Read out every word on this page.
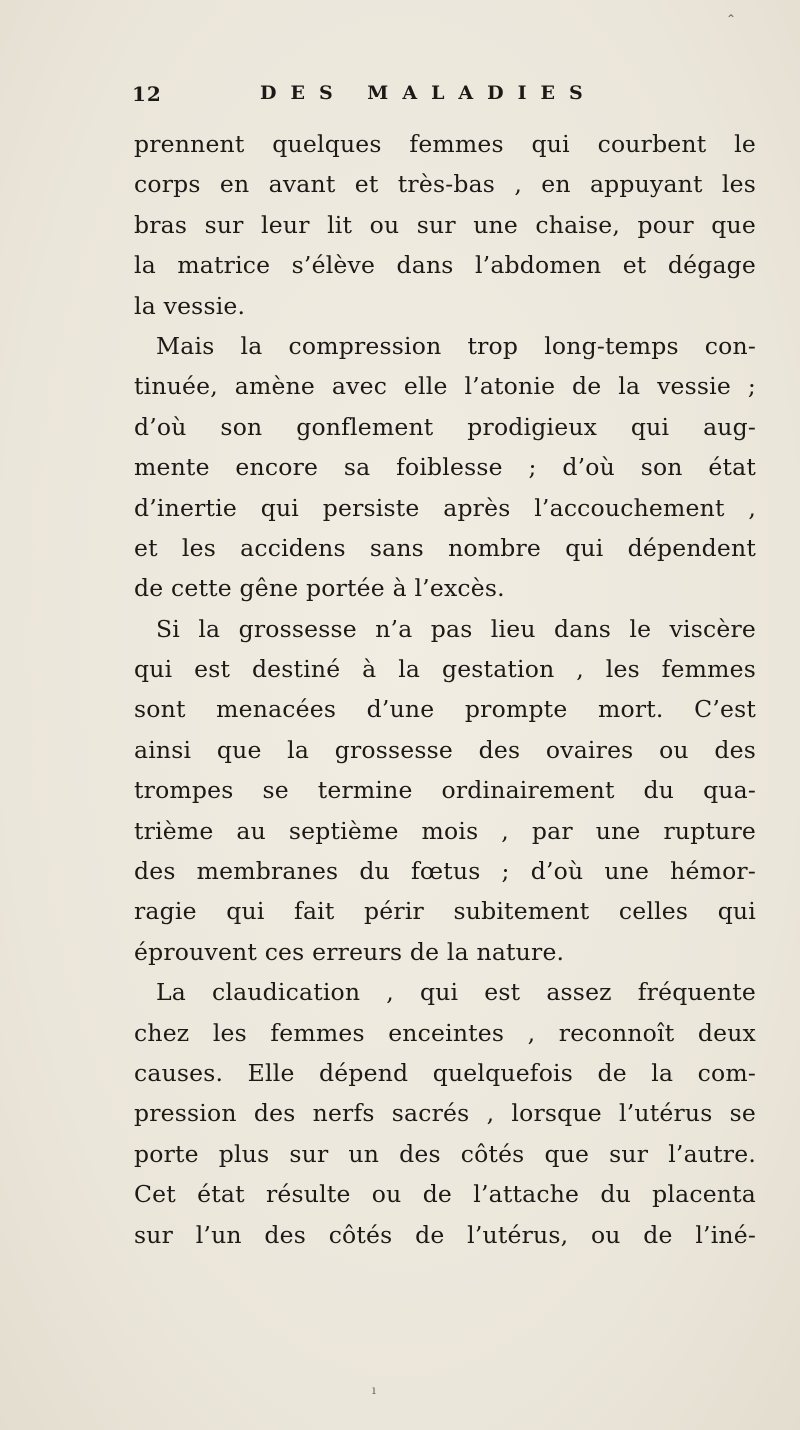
12	DES MALADIES
prennent quelques femmes qui courbent le
corps en avant et très-bas , en appuyant les
bras sur leur lit ou sur une chaise, pour que
la matrice s’élève dans l’abdomen et dégage
la vessie.
Mais la compression trop long-temps con-
tinuée, amène avec elle l’atonie de la vessie ;
d’où son gonflement prodigieux qui aug-
mente encore sa foiblesse ; d’où son état
d’inertie qui persiste après l’accouchement ,
et les accidens sans nombre qui dépendent
de cette gêne portée à l’excès.
Si la grossesse n’a pas lieu dans le viscère
qui est destiné à la gestation , les femmes
sont menacées d’une prompte mort. C’est
ainsi que la grossesse des ovaires ou des
trompes se termine ordinairement du qua-
trième au septième mois , par une rupture
des membranes du fœtus ; d’où une hémor-
ragie qui fait périr subitement celles qui
éprouvent ces erreurs de la nature.
La claudication , qui est assez fréquente
chez les femmes enceintes , reconnoît deux
causes. Elle dépend quelquefois de la com-
pression des nerfs sacrés , lorsque l’utérus se
porte plus sur un des côtés que sur l’autre.
Cet état résulte ou de l’attache du placenta
sur l’un des côtés de l’utérus, ou de l’iné-
⌃
ı
